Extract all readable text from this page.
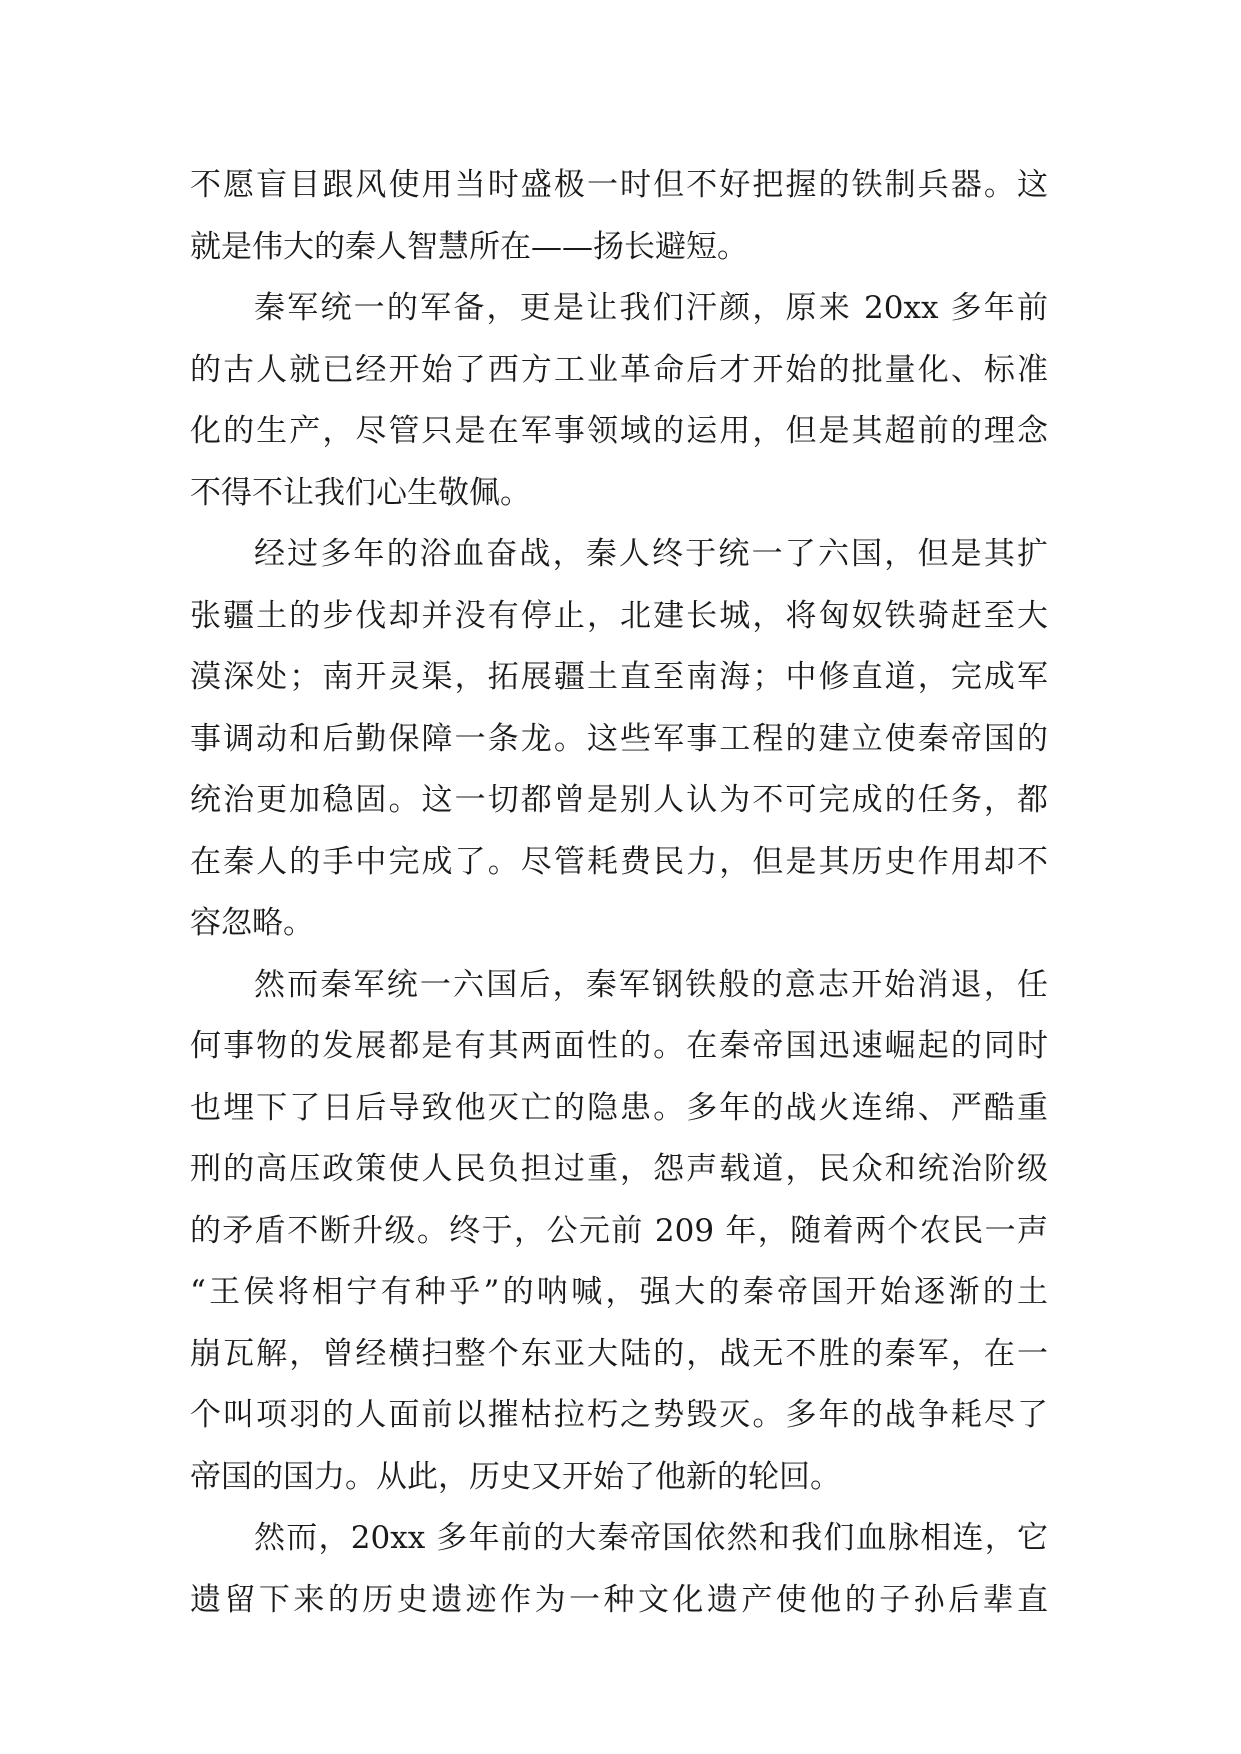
不愿盲目跟风使用当时盛极一时但不好把握的铁制兵器。这
就是伟大的秦人智慧所在——扬长避短。
秦军统一的军备，更是让我们汗颜，原来 20xx 多年前
的古人就已经开始了西方工业革命后才开始的批量化、标准
化的生产，尽管只是在军事领域的运用，但是其超前的理念
不得不让我们心生敬佩。
经过多年的浴血奋战，秦人终于统一了六国，但是其扩
张疆土的步伐却并没有停止，北建长城，将匈奴铁骑赶至大
漠深处；南开灵渠，拓展疆土直至南海；中修直道，完成军
事调动和后勤保障一条龙。这些军事工程的建立使秦帝国的
统治更加稳固。这一切都曾是别人认为不可完成的任务，都
在秦人的手中完成了。尽管耗费民力，但是其历史作用却不
容忽略。
然而秦军统一六国后，秦军钢铁般的意志开始消退，任
何事物的发展都是有其两面性的。在秦帝国迅速崛起的同时
也埋下了日后导致他灭亡的隐患。多年的战火连绵、严酷重
刑的高压政策使人民负担过重，怨声载道，民众和统治阶级
的矛盾不断升级。终于，公元前 209 年，随着两个农民一声
“王侯将相宁有种乎”的呐喊，强大的秦帝国开始逐渐的土
崩瓦解，曾经横扫整个东亚大陆的，战无不胜的秦军，在一
个叫项羽的人面前以摧枯拉朽之势毁灭。多年的战争耗尽了
帝国的国力。从此，历史又开始了他新的轮回。
然而，20xx 多年前的大秦帝国依然和我们血脉相连，它
遗留下来的历史遗迹作为一种文化遗产使他的子孙后辈直
